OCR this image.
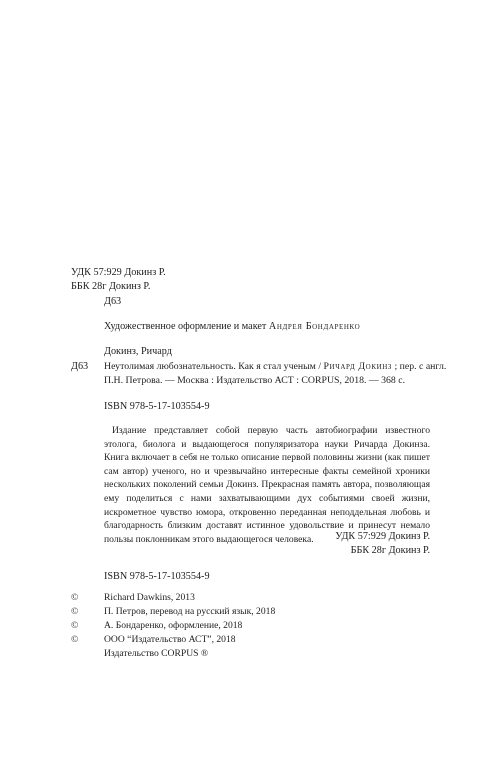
УДК 57:929 Докинз Р.
ББК 28г Докинз Р.
Д63
Художественное оформление и макет Андрея Бондаренко
Докинз, Ричард
Д63 Неутолимая любознательность. Как я стал ученым / Ричард Докинз ; пер. с англ.
П.Н. Петрова. — Москва : Издательство АСТ : CORPUS, 2018. — 368 с.
ISBN 978-5-17-103554-9
Издание представляет собой первую часть автобиографии известного этолога, биолога и выдающегося популяризатора науки Ричарда Докинза. Книга включает в себя не только описание первой половины жизни (как пишет сам автор) ученого, но и чрезвычайно интересные факты семейной хроники нескольких поколений семьи Докинз. Прекрасная память автора, позволяющая ему поделиться с нами захватывающими дух событиями своей жизни, искрометное чувство юмора, откровенно переданная неподдельная любовь и благодарность близким доставят истинное удовольствие и принесут немало пользы поклонникам этого выдающегося человека.	УДК 57:929 Докинз Р.
ББК 28г Докинз Р.
ISBN 978-5-17-103554-9
©	Richard Dawkins, 2013
©	П. Петров, перевод на русский язык, 2018
©	А. Бондаренко, оформление, 2018
©	ООО “Издательство АСТ”, 2018
Издательство CORPUS ®
